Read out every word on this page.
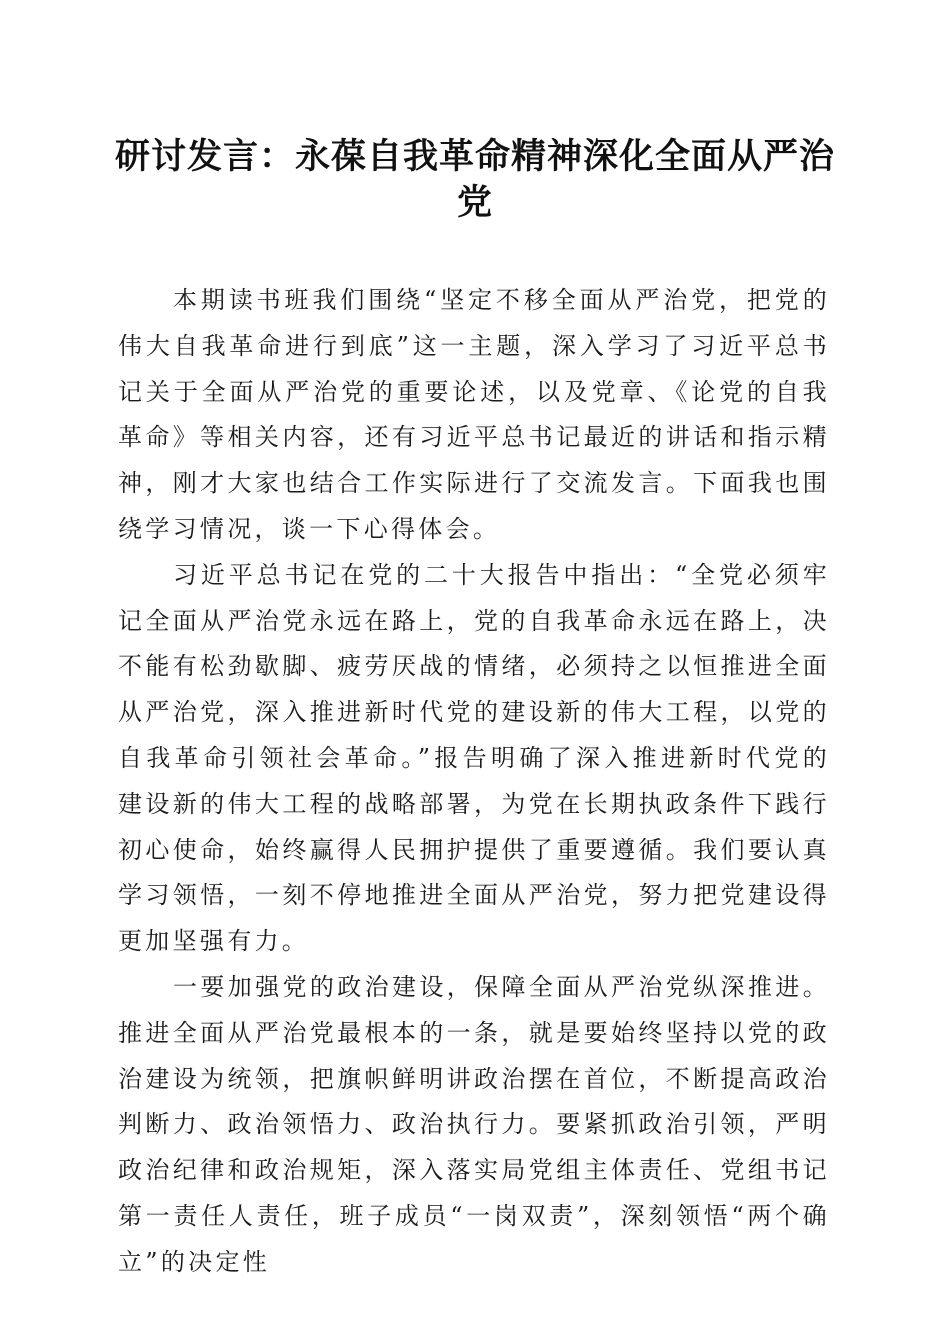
研讨发言：永葆自我革命精神深化全面从严治党

本期读书班我们围绕“坚定不移全面从严治党，把党的伟大自我革命进行到底”这一主题，深入学习了习近平总书记关于全面从严治党的重要论述，以及党章、《论党的自我革命》等相关内容，还有习近平总书记最近的讲话和指示精神，刚才大家也结合工作实际进行了交流发言。下面我也围绕学习情况，谈一下心得体会。

习近平总书记在党的二十大报告中指出：“全党必须牢记全面从严治党永远在路上，党的自我革命永远在路上，决不能有松劲歇脚、疲劳厌战的情绪，必须持之以恒推进全面从严治党，深入推进新时代党的建设新的伟大工程，以党的自我革命引领社会革命。”报告明确了深入推进新时代党的建设新的伟大工程的战略部署，为党在长期执政条件下践行初心使命，始终赢得人民拥护提供了重要遵循。我们要认真学习领悟，一刻不停地推进全面从严治党，努力把党建设得更加坚强有力。

一要加强党的政治建设，保障全面从严治党纵深推进。推进全面从严治党最根本的一条，就是要始终坚持以党的政治建设为统领，把旗帜鲜明讲政治摆在首位，不断提高政治判断力、政治领悟力、政治执行力。要紧抓政治引领，严明政治纪律和政治规矩，深入落实局党组主体责任、党组书记第一责任人责任，班子成员“一岗双责”，深刻领悟“两个确立”的决定性
